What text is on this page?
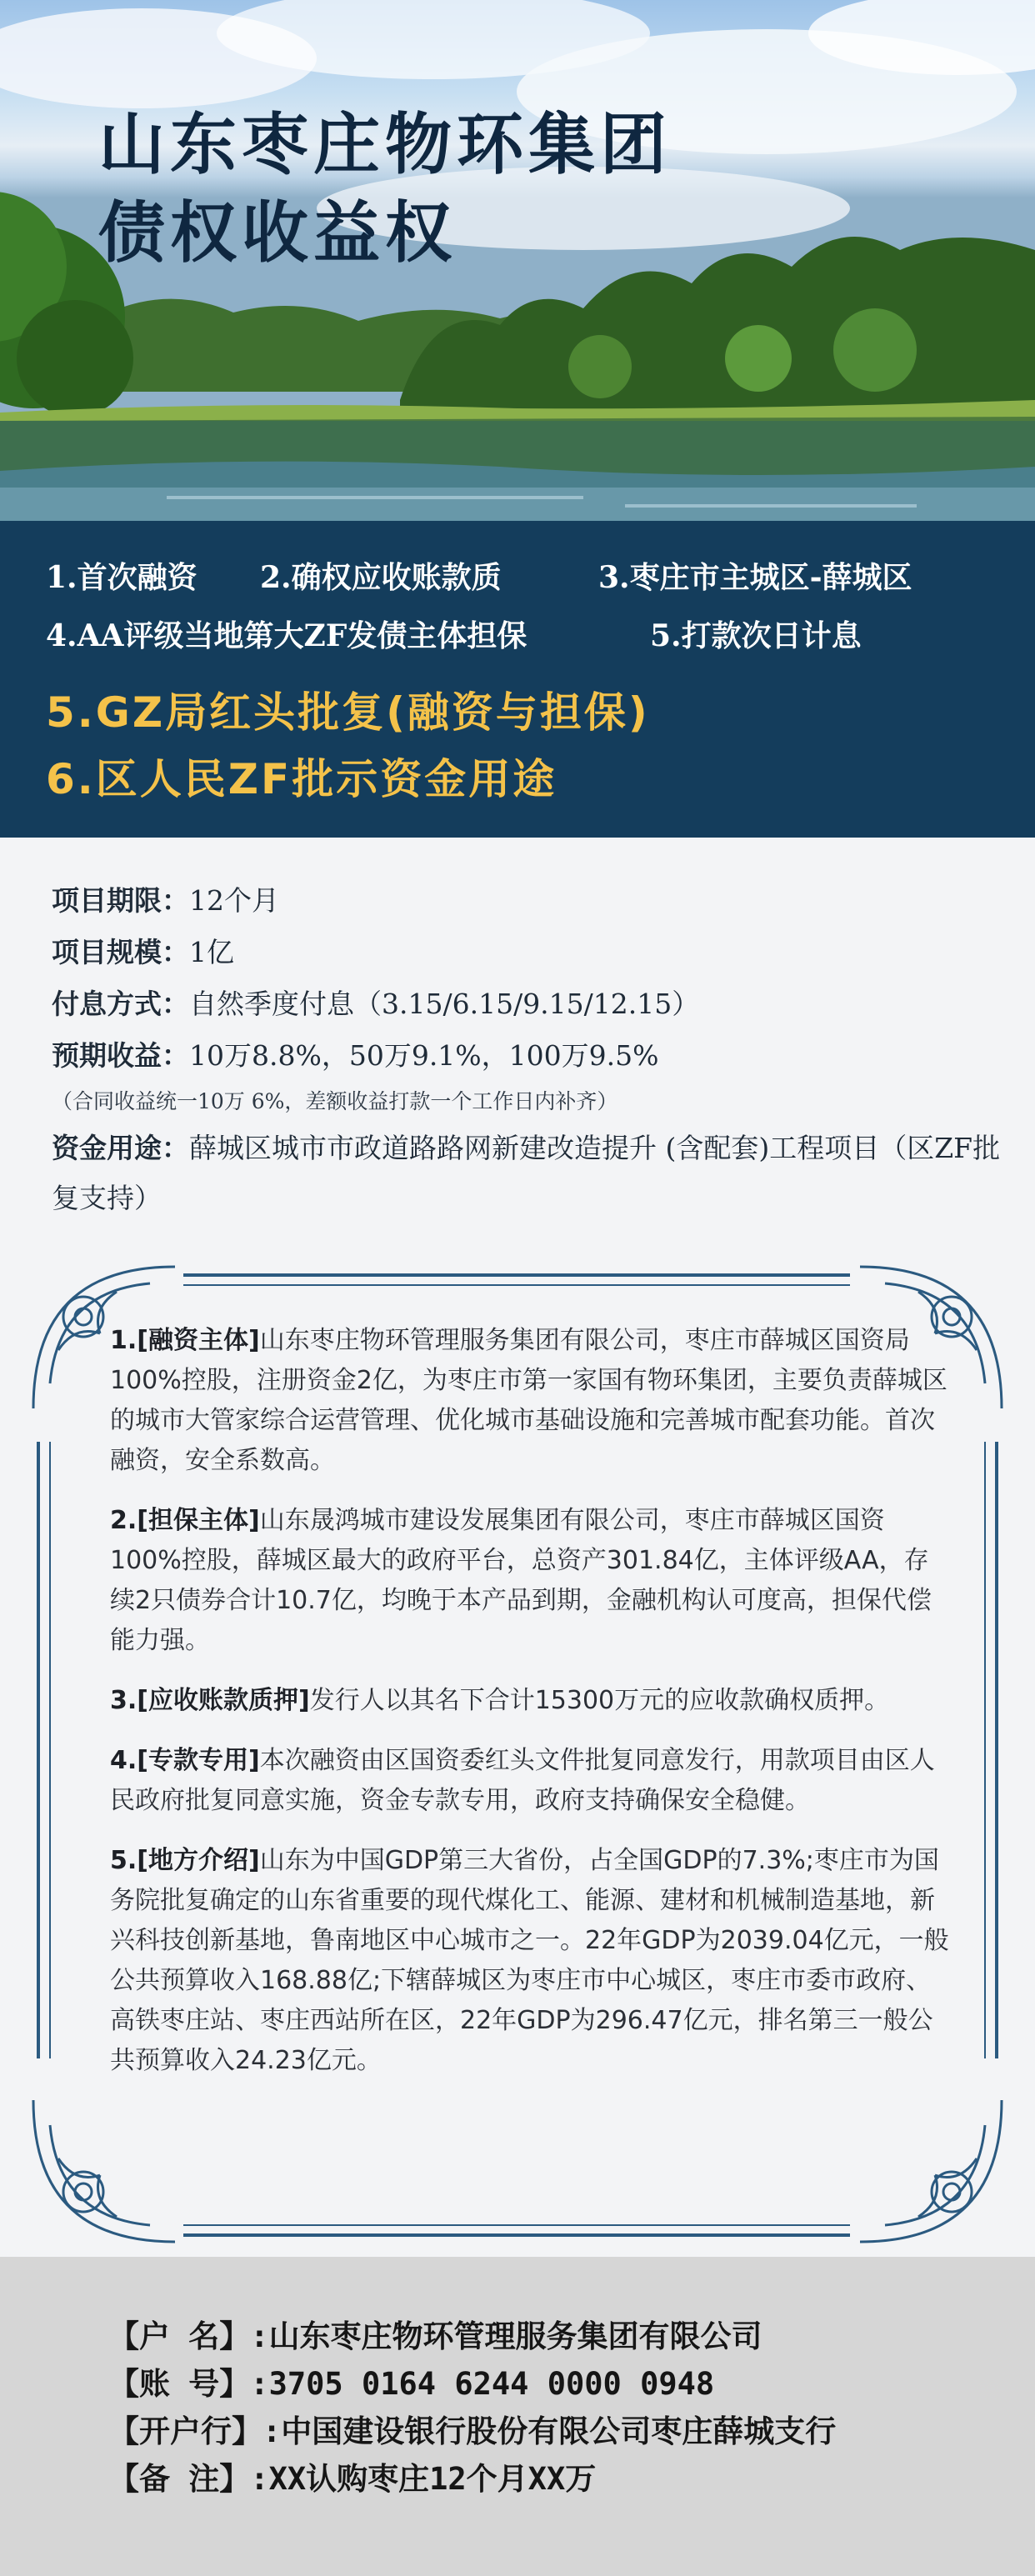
山东枣庄物环集团
债权收益权
1.首次融资 2.确权应收账款质	3.枣庄市主城区-薛城区
4.AA评级当地第大ZF发债主体担保	5.打款次日计息
5.GZ局红头批复(融资与担保)
6.区人民ZF批示资金用途
项目期限：12个月
项目规模：1亿
付息方式：自然季度付息（3.15/6.15/9.15/12.15）
预期收益：10万8.8%，50万9.1%，100万9.5%
（合同收益统一10万 6%，差额收益打款一个工作日内补齐）
资金用途：薛城区城市市政道路路网新建改造提升 (含配套)工程项目（区ZF批复支持）

1.[融资主体]山东枣庄物环管理服务集团有限公司，枣庄市薛城区国资局100%控股，注册资金2亿，为枣庄市第一家国有物环集团，主要负责薛城区的城市大管家综合运营管理、优化城市基础设施和完善城市配套功能。首次融资，安全系数高。

2.[担保主体]山东晟鸿城市建设发展集团有限公司，枣庄市薛城区国资100%控股，薛城区最大的政府平台，总资产301.84亿，主体评级AA，存续2只债券合计10.7亿，均晚于本产品到期，金融机构认可度高，担保代偿能力强。

3.[应收账款质押]发行人以其名下合计15300万元的应收款确权质押。

4.[专款专用]本次融资由区国资委红头文件批复同意发行，用款项目由区人民政府批复同意实施，资金专款专用，政府支持确保安全稳健。

5.[地方介绍]山东为中国GDP第三大省份，占全国GDP的7.3%;枣庄市为国务院批复确定的山东省重要的现代煤化工、能源、建材和机械制造基地，新兴科技创新基地，鲁南地区中心城市之一。22年GDP为2039.04亿元，一般公共预算收入168.88亿;下辖薛城区为枣庄市中心城区，枣庄市委市政府、高铁枣庄站、枣庄西站所在区，22年GDP为296.47亿元，排名第三一般公共预算收入24.23亿元。

【户 名】:山东枣庄物环管理服务集团有限公司
【账 号】:3705 0164 6244 0000 0948
【开户行】:中国建设银行股份有限公司枣庄薛城支行
【备 注】:XX认购枣庄12个月XX万
